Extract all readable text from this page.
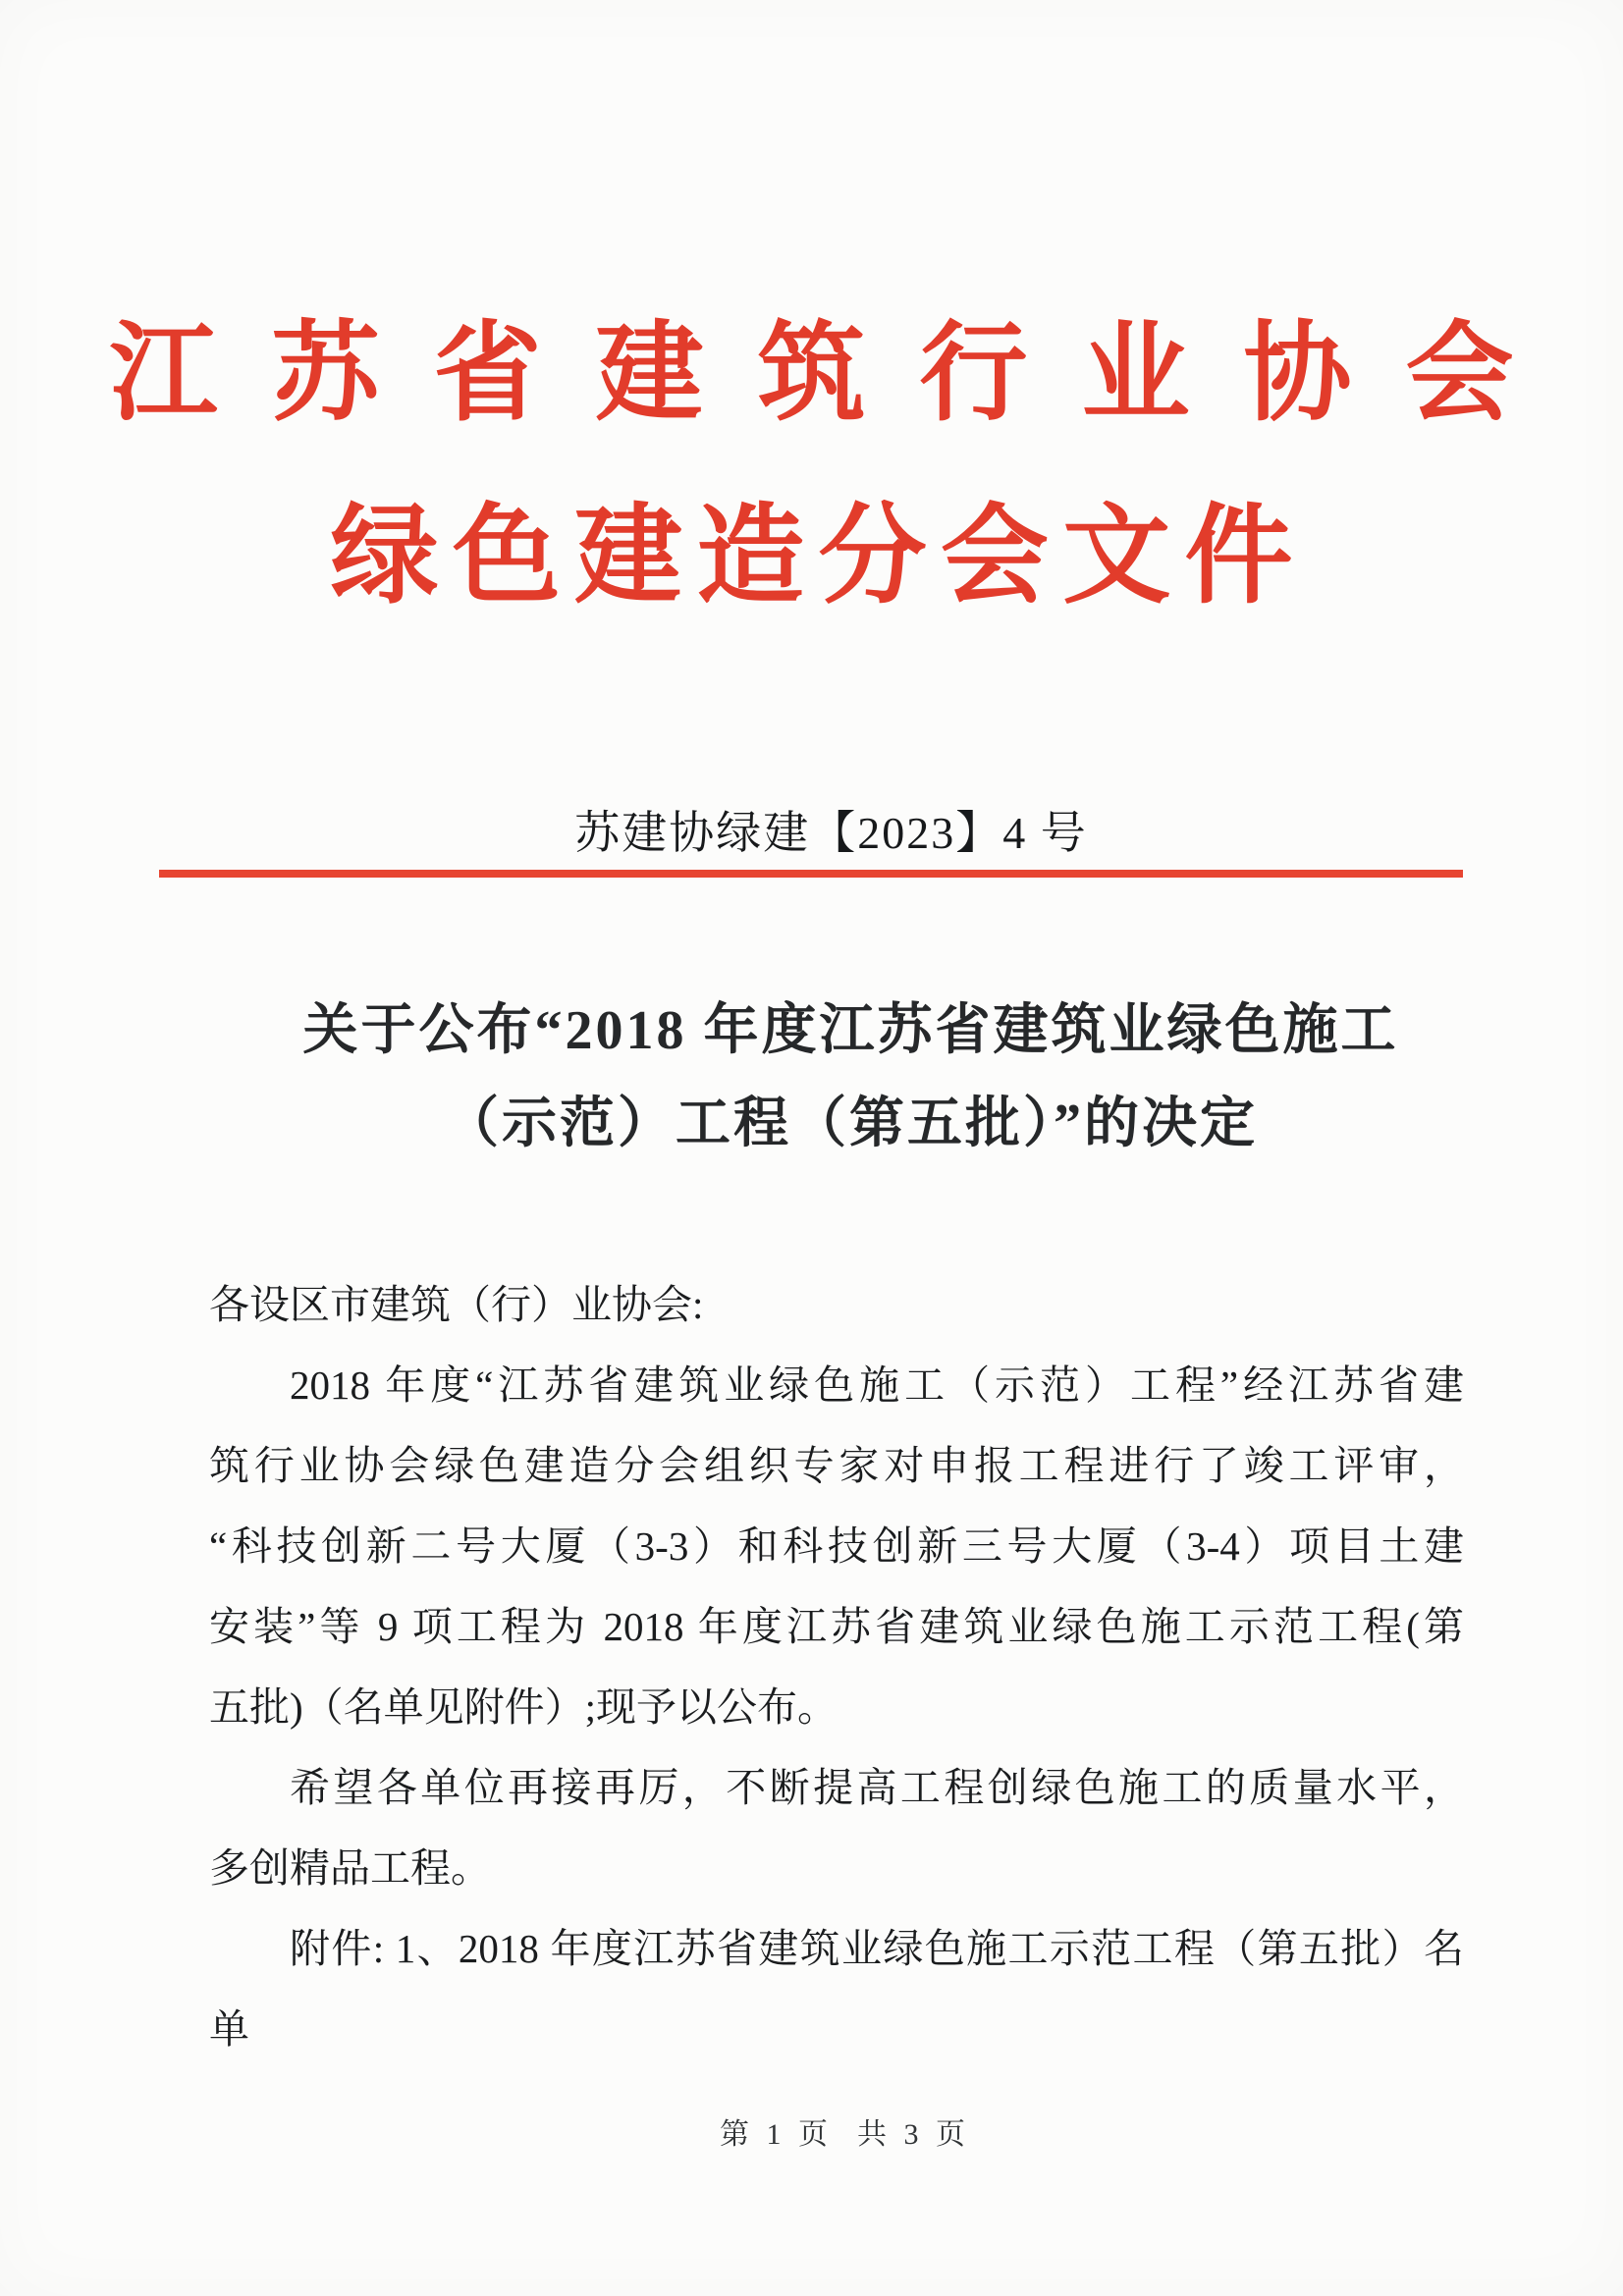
江苏省建筑行业协会
绿色建造分会文件
苏建协绿建【2023】4 号
关于公布“2018 年度江苏省建筑业绿色施工
（示范）工程（第五批）”的决定
各设区市建筑（行）业协会:
2018 年度“江苏省建筑业绿色施工（示范）工程”经江苏省建
筑行业协会绿色建造分会组织专家对申报工程进行了竣工评审，
“科技创新二号大厦（3-3）和科技创新三号大厦（3-4）项目土建
安装”等 9 项工程为 2018 年度江苏省建筑业绿色施工示范工程(第
五批)（名单见附件）;现予以公布。
希望各单位再接再厉，不断提高工程创绿色施工的质量水平，
多创精品工程。
附件: 1、2018 年度江苏省建筑业绿色施工示范工程（第五批）名单
第 1 页  共 3 页
